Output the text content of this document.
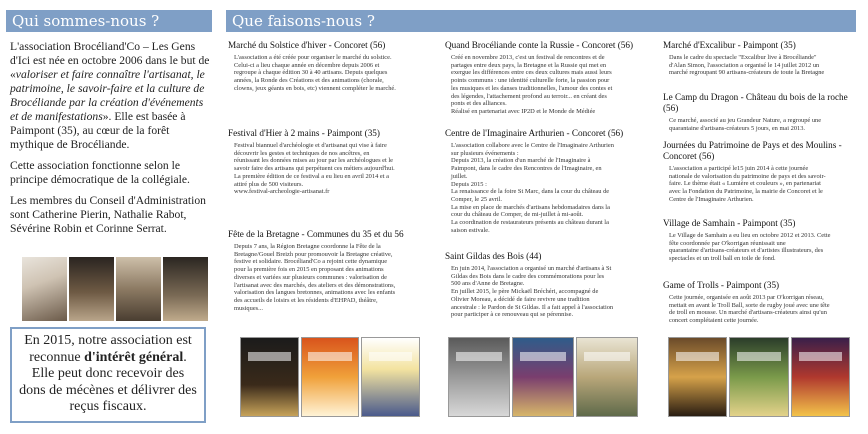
Qui sommes-nous ?

L'association Brocéliand'Co – Les Gens d'Ici est née en octobre 2006 dans le but de «valoriser et faire connaître l'artisanat, le patrimoine, le savoir-faire et la culture de Brocéliande par la création d'événements et de manifestations». Elle est basée à Paimpont (35), au cœur de la forêt mythique de Brocéliande.

Cette association fonctionne selon le principe démocratique de la collégiale.

Les membres du Conseil d'Administration sont Catherine Pierin, Nathalie Rabot, Sévérine Robin et Corinne Serrat.

En 2015, notre association est reconnue d'intérêt général. Elle peut donc recevoir des dons de mécènes et délivrer des reçus fiscaux.
Que faisons-nous ?
Marché du Solstice d'hiver - Concoret (56)
L'association a été créée pour organiser le marché du solstice.
Celui-ci a lieu chaque année en décembre depuis 2006 et
regroupe à chaque édition 30 à 40 artisans. Depuis quelques
années, la Ronde des Créations et des animations (chorale,
clowns, jeux géants en bois, etc) viennent compléter le marché.
Festival d'Hier à 2 mains - Paimpont (35)
Festival biannuel d'archéologie et d'artisanat qui vise à faire
découvrir les gestes et techniques de nos ancêtres, en
réunissant les données mises au jour par les archéologues et le
savoir faire des artisans qui perpétuent ces métiers aujourd'hui.
La première édition de ce festival a eu lieu en avril 2014 et a
attiré plus de 500 visiteurs.
www.festival-archeologie-artisanat.fr
Fête de la Bretagne - Communes du 35 et du 56
Depuis 7 ans, la Région Bretagne coordonne la Fête de la
Bretagne/Gouel Breizh pour promouvoir la Bretagne créative,
festive et solidaire. Brocéliand'Co a rejoint cette dynamique
pour la première fois en 2015 en proposant des animations
diverses et variées sur plusieurs communes : valorisation de
l'artisanat avec des marchés, des ateliers et des démonstrations,
valorisation des langues bretonnes, animations avec les enfants
des accueils de loisirs et les résidents d'EHPAD, théâtre,
musiques...
Quand Brocéliande conte la Russie - Concoret (56)
Créé en novembre 2013, c'est un festival de rencontres et de
partages entre deux pays, la Bretagne et la Russie qui met en
exergue les différences entre ces deux cultures mais aussi leurs
points communs : une identité culturelle forte, la passion pour
les musiques et les danses traditionnelles, l'amour des contes et
des légendes, l'attachement profond au terroir... en créant des
ponts et des alliances.
Réalisé en partenariat avec IP2D et le Monde de Médiée
Centre de l'Imaginaire Arthurien - Concoret (56)
L'association collabore avec le Centre de l'Imaginaire Arthurien
sur plusieurs événements :
Depuis 2013, la création d'un marché de l'Imaginaire à
Paimpont, dans le cadre des Rencontres de l'Imaginaire, en
juillet.
Depuis 2015 :
La renaissance de la foire St Marc, dans la cour du château de
Comper, le 25 avril.
La mise en place de marchés d'artisans hebdomadaires dans la
cour du château de Comper, de mi-juillet à mi-août.
La coordination de restaurateurs présents au château durant la
saison estivale.
Saint Gildas des Bois (44)
En juin 2014, l'association a organisé un marché d'artisans à St
Gildas des Bois dans le cadre des commémorations pour les
500 ans d'Anne de Bretagne.
En juillet 2015, le père Mickaël Bréchéri, accompagné de
Olivier Moreau, a décidé de faire revivre une tradition
ancestrale : le Pardon de St Gildas. Il a fait appel à l'association
pour participer à ce renouveau qui se pérennise.
Marché d'Excalibur - Paimpont (35)
Dans le cadre du spectacle "Excalibur live à Brocéliande"
d'Alan Simon, l'association a organisé le 14 juillet 2012 un
marché regroupant 90 artisans-créateurs de toute la Bretagne
Le Camp du Dragon - Château du bois de la roche (56)
Ce marché, associé au jeu Grandeur Nature, a regroupé une
quarantaine d'artisans-créateurs 5 jours, en mai 2013.
Journées du Patrimoine de Pays et des Moulins - Concoret (56)
L'association a participé le15 juin 2014 à cette journée
nationale de valorisation du patrimoine de pays et des savoir-
faire. Le thème était « Lumière et couleurs », en partenariat
avec la Fondation du Patrimoine, la mairie de Concoret et le
Centre de l'Imaginaire Arthurien.
Village de Samhain - Paimpont (35)
Le Village de Samhain a eu lieu en octobre 2012 et 2013. Cette
fête coordonnée par O'korrigan réunissait une
quarantaine d'artisans-créateurs et d'artistes illustrateurs, des
spectacles et un troll ball en toile de fond.
Game of Trolls - Paimpont (35)
Cette journée, organisée en août 2013 par O'korrigan réseau,
mettait en avant le Troll Ball, sorte de rugby joué avec une tête
de troll en mousse. Un marché d'artisans-créateurs ainsi qu'un
concert complétaient cette journée.
